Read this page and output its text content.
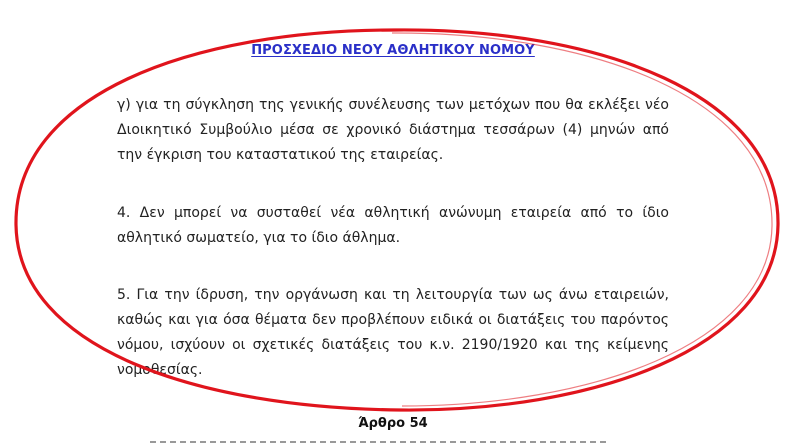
ΠΡΟΣΧΕΔΙΟ ΝΕΟΥ ΑΘΛΗΤΙΚΟΥ ΝΟΜΟΥ
γ) για τη σύγκληση της γενικής συνέλευσης των μετόχων που θα εκλέξει νέο Διοικητικό Συμβούλιο μέσα σε χρονικό διάστημα τεσσάρων (4) μηνών από την έγκριση του καταστατικού της εταιρείας.
4. Δεν μπορεί να συσταθεί νέα αθλητική ανώνυμη εταιρεία από το ίδιο αθλητικό σωματείο, για το ίδιο άθλημα.
5. Για την ίδρυση, την οργάνωση και τη λειτουργία των ως άνω εταιρειών, καθώς και για όσα θέματα δεν προβλέπουν ειδικά οι διατάξεις του παρόντος νόμου, ισχύουν οι σχετικές διατάξεις του κ.ν. 2190/1920 και της κείμενης νομοθεσίας.
Άρθρο 54
